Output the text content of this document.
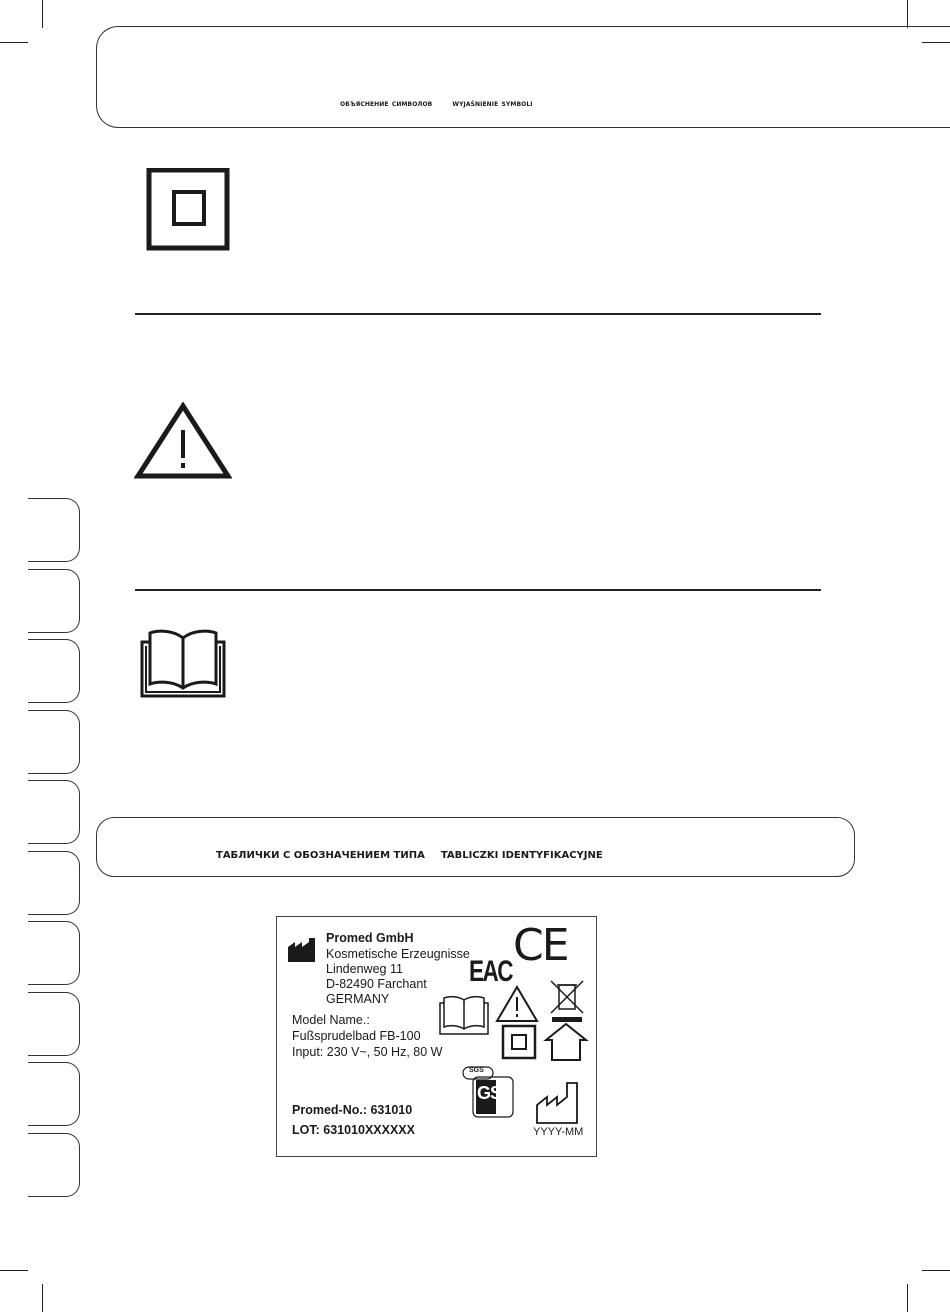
объяснение символов wyjaśnienie symboli
ТАБЛИЧКИ С ОБОЗНАЧЕНИЕМ ТИПА TABLICZKI IDENTYFIKACYJNE
Promed GmbH
Kosmetische Erzeugnisse
Lindenweg 11
D-82490 Farchant
GERMANY
Model Name.:
Fußsprudelbad FB-100
Input: 230 V~, 50 Hz, 80 W
Promed-No.: 631010
LOT: 631010XXXXXX
CE
EAC
SGS
GS
YYYY-MM
